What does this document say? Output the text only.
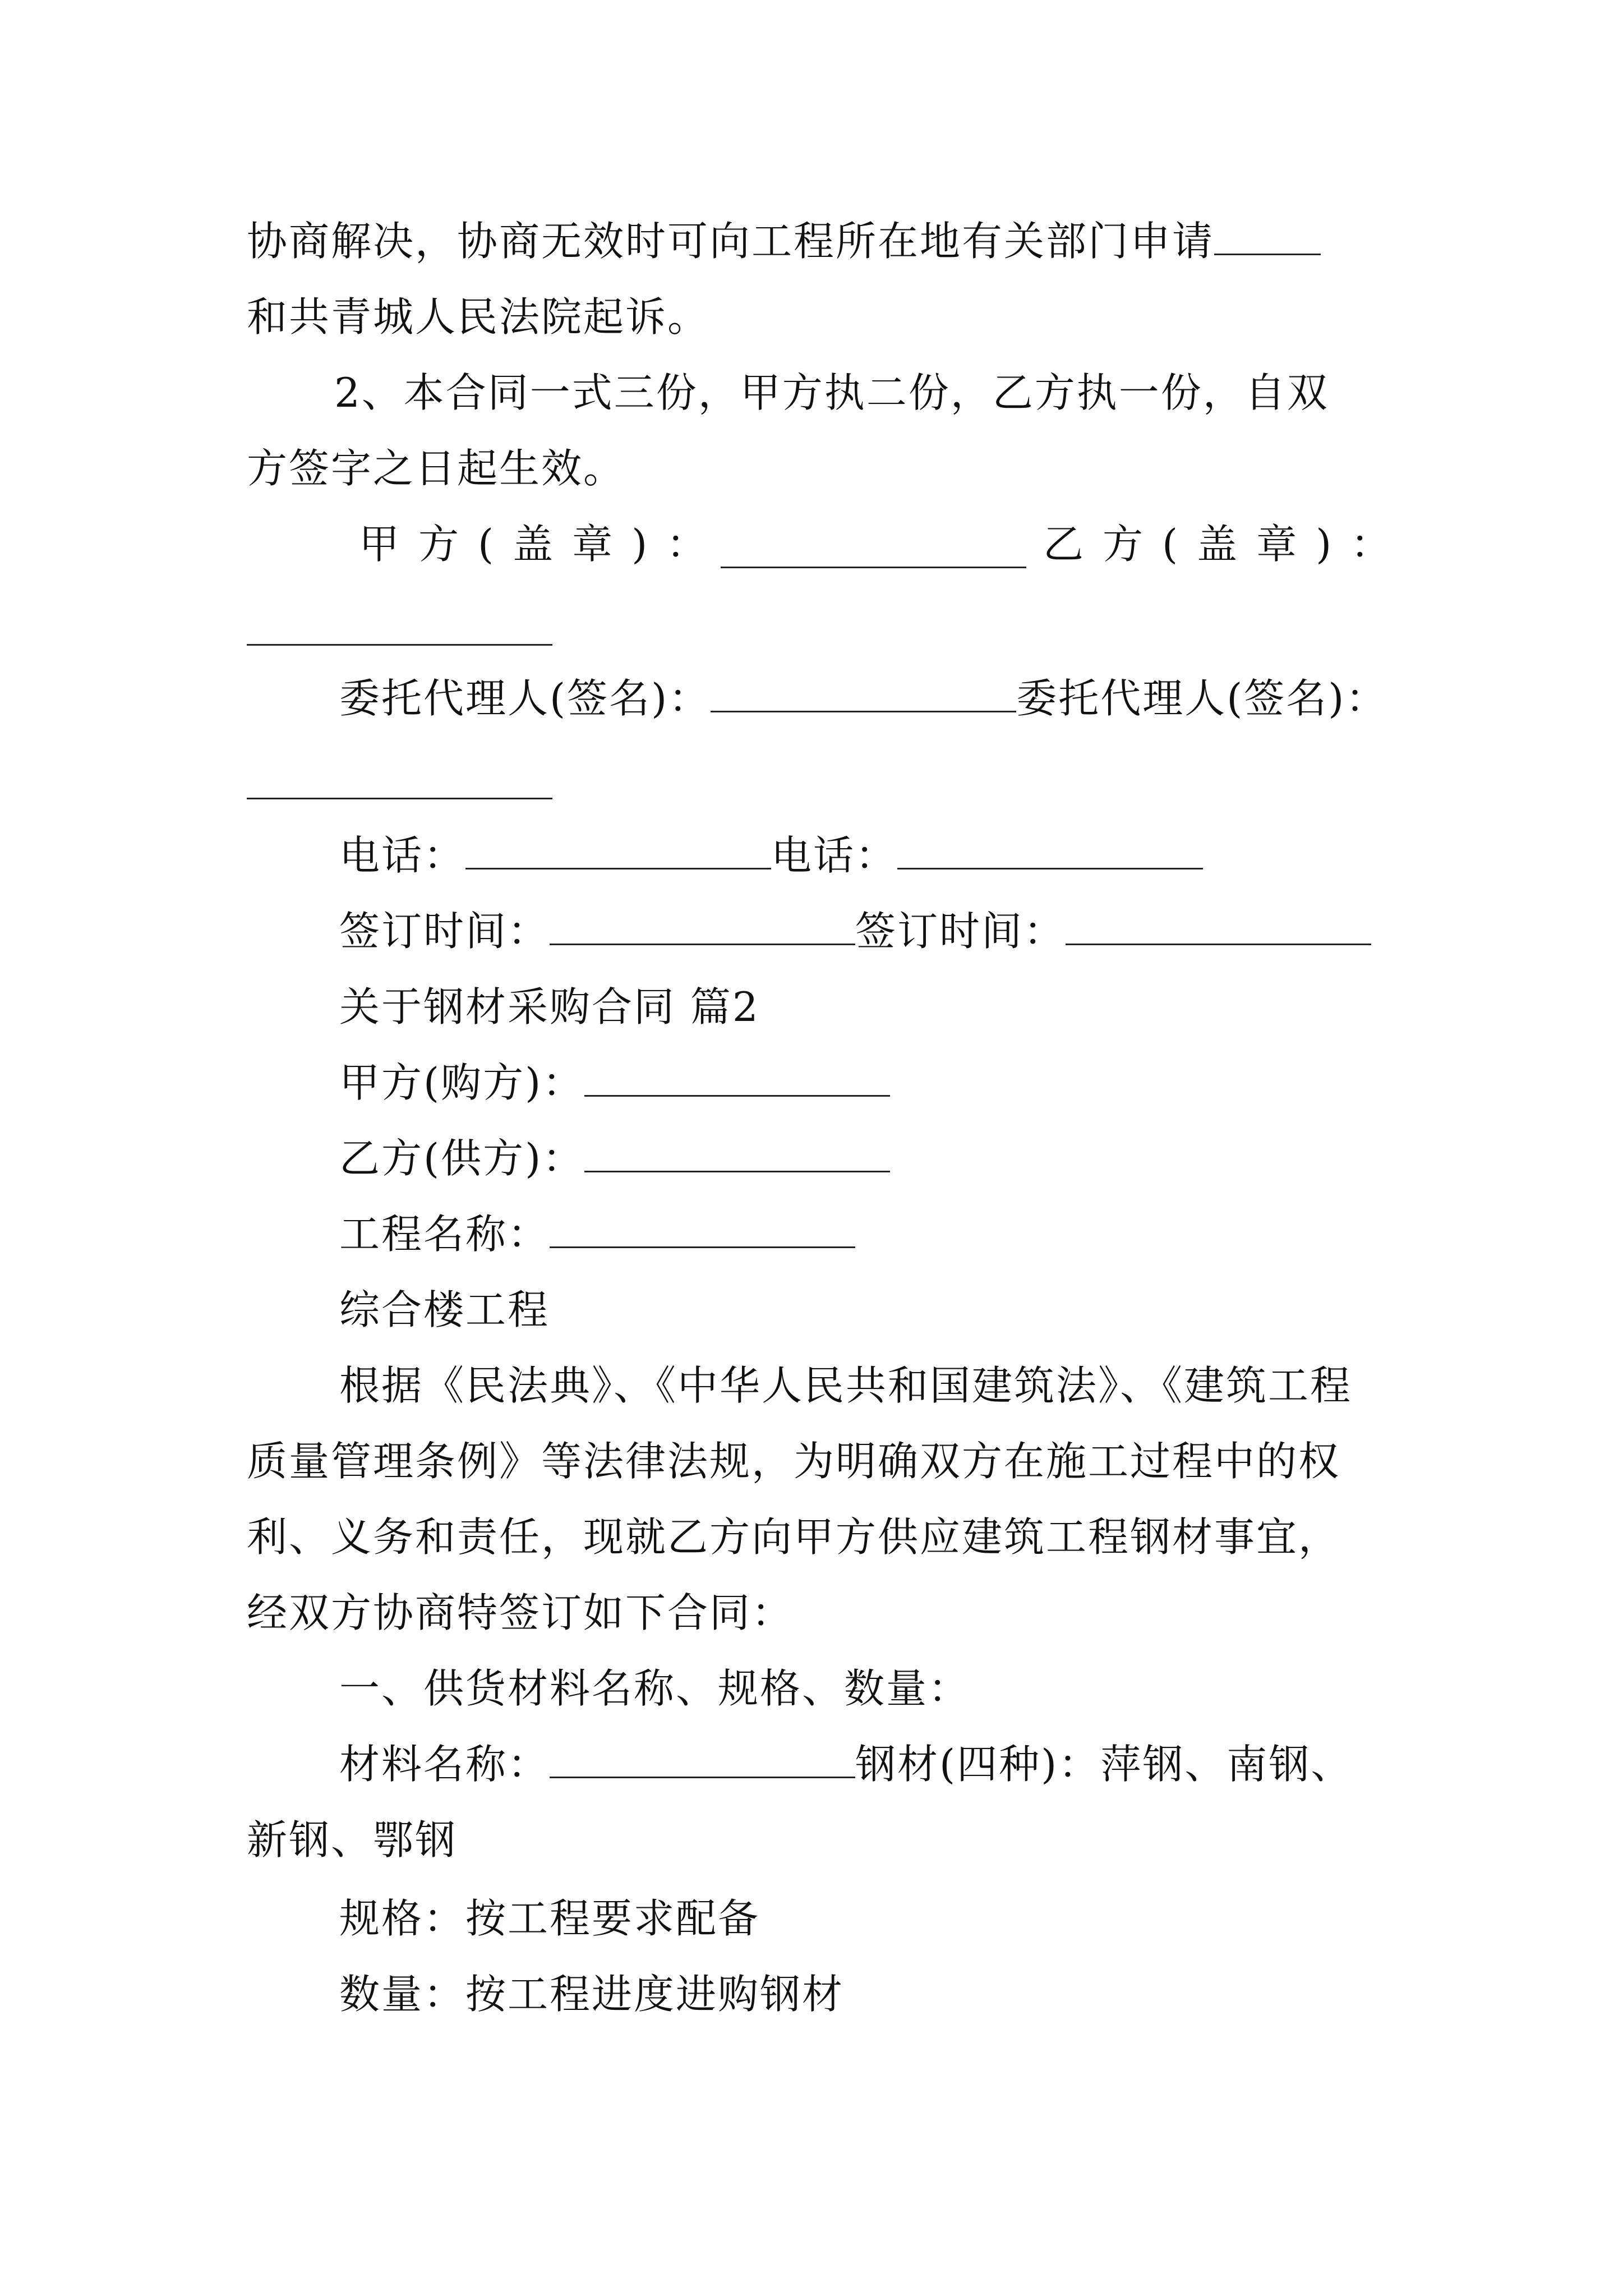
协商解决，协商无效时可向工程所在地有关部门申请
和共青城人民法院起诉。
2、本合同一式三份，甲方执二份，乙方执一份，自双
方签字之日起生效。
甲方(盖章)：	乙方(盖章)：
委托代理人(签名)：	委托代理人(签名)：
电话：	电话：
签订时间：	签订时间：
关于钢材采购合同 篇2
甲方(购方)：
乙方(供方)：
工程名称：
综合楼工程
根据《民法典》、《中华人民共和国建筑法》、《建筑工程
质量管理条例》等法律法规，为明确双方在施工过程中的权
利、义务和责任，现就乙方向甲方供应建筑工程钢材事宜，
经双方协商特签订如下合同：
一、供货材料名称、规格、数量：
材料名称：	钢材(四种)：萍钢、南钢、
新钢、鄂钢
规格：按工程要求配备
数量：按工程进度进购钢材
